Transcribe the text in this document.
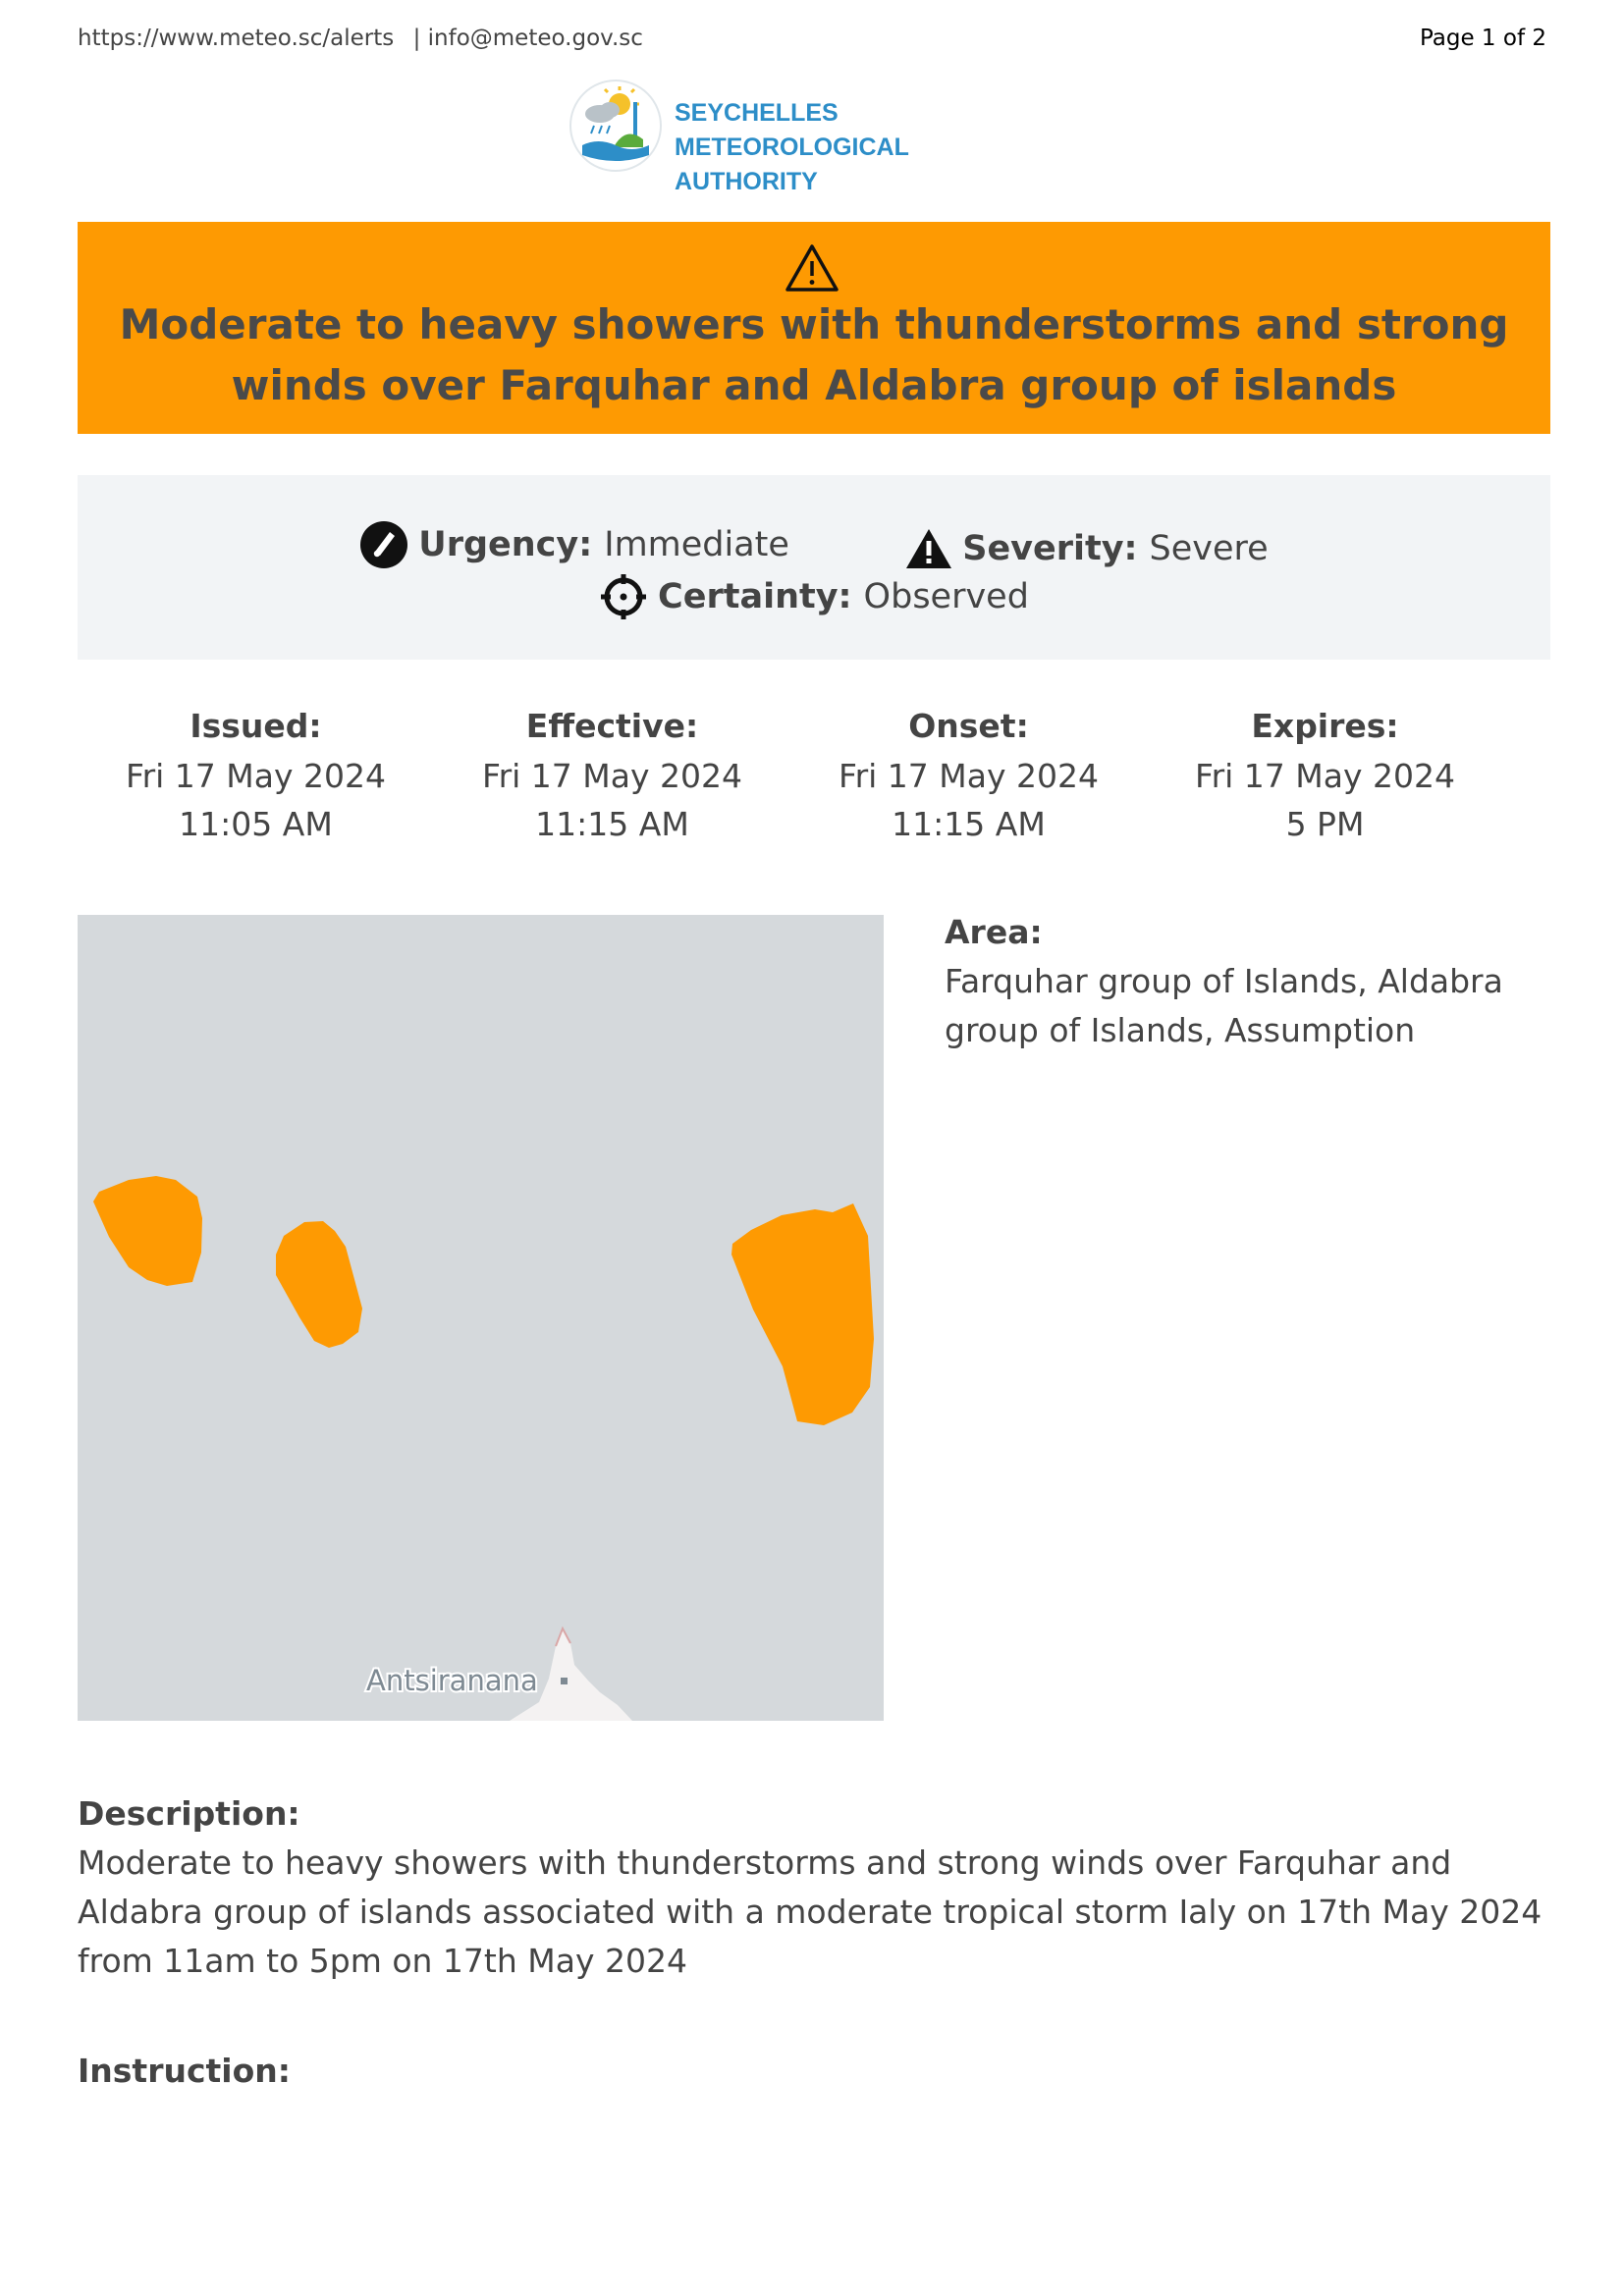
https://www.meteo.sc/alerts | info@meteo.gov.sc	Page 1 of 2
SEYCHELLES METEOROLOGICAL
AUTHORITY
Moderate to heavy showers with thunderstorms and strong winds over Farquhar and Aldabra group of islands
Urgency: Immediate
	Severity: Severe
Certainty: Observed
Issued:
Fri 17 May 2024
11:05 AM
Effective:
Fri 17 May 2024
11:15 AM
Onset:
Fri 17 May 2024
11:15 AM
Expires:
Fri 17 May 2024
5 PM
Antsiranana
Area:
Farquhar group of Islands, Aldabra group of Islands, Assumption
Description:
Moderate to heavy showers with thunderstorms and strong winds over Farquhar and Aldabra group of islands associated with a moderate tropical storm Ialy on 17th May 2024 from 11am to 5pm on 17th May 2024
Instruction:
